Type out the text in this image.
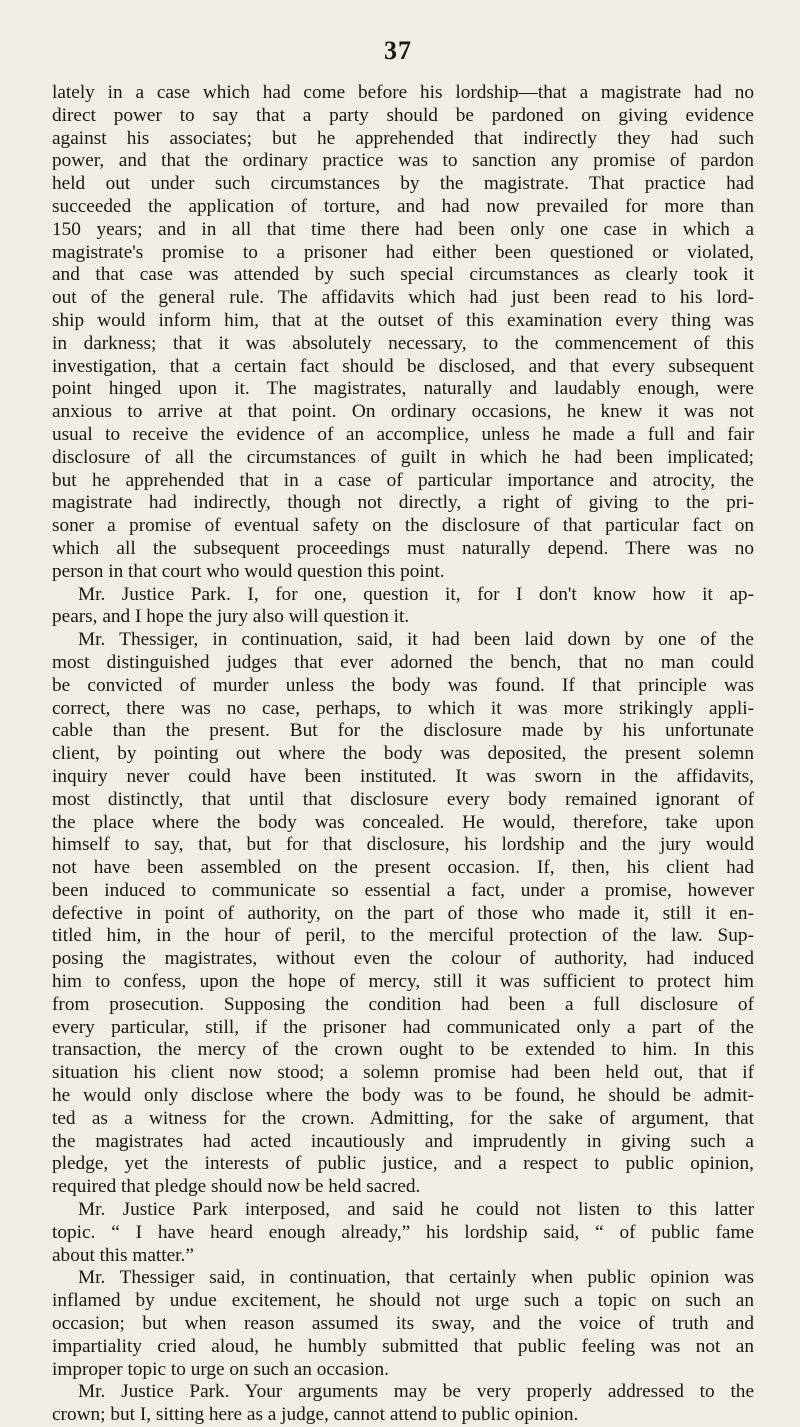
37
lately in a case which had come before his lordship—that a magistrate had no
direct power to say that a party should be pardoned on giving evidence
against his associates; but he apprehended that indirectly they had such
power, and that the ordinary practice was to sanction any promise of pardon
held out under such circumstances by the magistrate. That practice had
succeeded the application of torture, and had now prevailed for more than
150 years; and in all that time there had been only one case in which a
magistrate's promise to a prisoner had either been questioned or violated,
and that case was attended by such special circumstances as clearly took it
out of the general rule. The affidavits which had just been read to his lord-
ship would inform him, that at the outset of this examination every thing was
in darkness; that it was absolutely necessary, to the commencement of this
investigation, that a certain fact should be disclosed, and that every subsequent
point hinged upon it. The magistrates, naturally and laudably enough, were
anxious to arrive at that point. On ordinary occasions, he knew it was not
usual to receive the evidence of an accomplice, unless he made a full and fair
disclosure of all the circumstances of guilt in which he had been implicated;
but he apprehended that in a case of particular importance and atrocity, the
magistrate had indirectly, though not directly, a right of giving to the pri-
soner a promise of eventual safety on the disclosure of that particular fact on
which all the subsequent proceedings must naturally depend. There was no
person in that court who would question this point.
Mr. Justice Park. I, for one, question it, for I don't know how it ap-
pears, and I hope the jury also will question it.
Mr. Thessiger, in continuation, said, it had been laid down by one of the
most distinguished judges that ever adorned the bench, that no man could
be convicted of murder unless the body was found. If that principle was
correct, there was no case, perhaps, to which it was more strikingly appli-
cable than the present. But for the disclosure made by his unfortunate
client, by pointing out where the body was deposited, the present solemn
inquiry never could have been instituted. It was sworn in the affidavits,
most distinctly, that until that disclosure every body remained ignorant of
the place where the body was concealed. He would, therefore, take upon
himself to say, that, but for that disclosure, his lordship and the jury would
not have been assembled on the present occasion. If, then, his client had
been induced to communicate so essential a fact, under a promise, however
defective in point of authority, on the part of those who made it, still it en-
titled him, in the hour of peril, to the merciful protection of the law. Sup-
posing the magistrates, without even the colour of authority, had induced
him to confess, upon the hope of mercy, still it was sufficient to protect him
from prosecution. Supposing the condition had been a full disclosure of
every particular, still, if the prisoner had communicated only a part of the
transaction, the mercy of the crown ought to be extended to him. In this
situation his client now stood; a solemn promise had been held out, that if
he would only disclose where the body was to be found, he should be admit-
ted as a witness for the crown. Admitting, for the sake of argument, that
the magistrates had acted incautiously and imprudently in giving such a
pledge, yet the interests of public justice, and a respect to public opinion,
required that pledge should now be held sacred.
Mr. Justice Park interposed, and said he could not listen to this latter
topic. “ I have heard enough already,” his lordship said, “ of public fame
about this matter.”
Mr. Thessiger said, in continuation, that certainly when public opinion was
inflamed by undue excitement, he should not urge such a topic on such an
occasion; but when reason assumed its sway, and the voice of truth and
impartiality cried aloud, he humbly submitted that public feeling was not an
improper topic to urge on such an occasion.
Mr. Justice Park. Your arguments may be very properly addressed to the
crown; but I, sitting here as a judge, cannot attend to public opinion.
